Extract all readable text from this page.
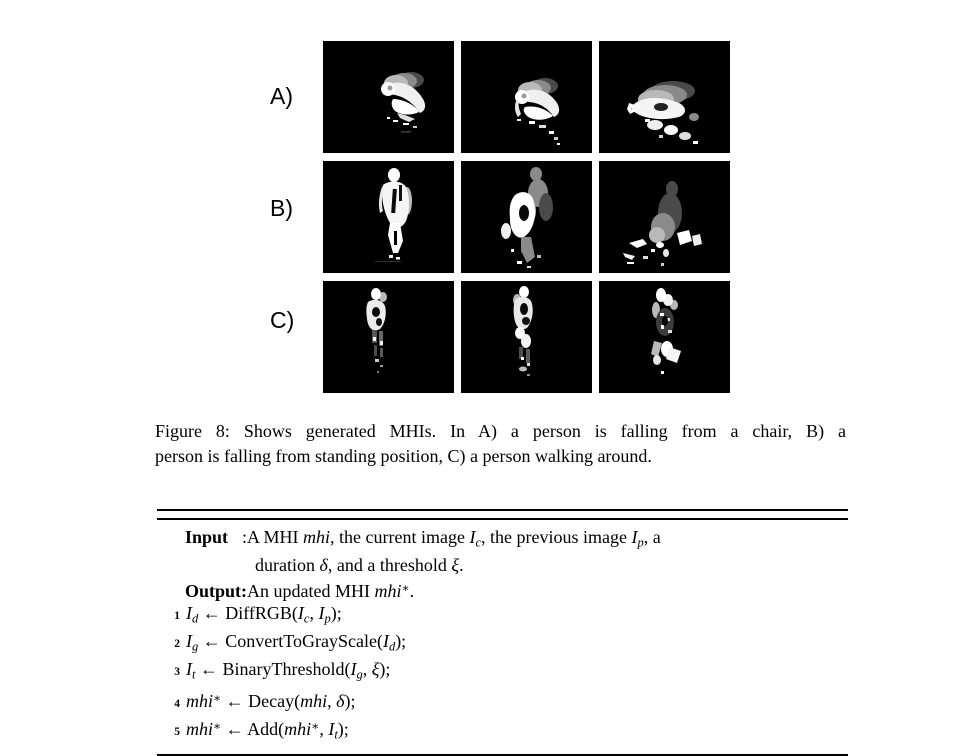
A)
B)
C)
Figure 8: Shows generated MHIs. In A) a person is falling from a chair, B) a
person is falling from standing position, C) a person walking around.
Input : A MHI mhi, the current image Ic, the previous image Ip, a
duration δ, and a threshold ξ.
Output: An updated MHI mhi∗.
1 Id ← DiffRGB(Ic, Ip);
2 Ig ← ConvertToGrayScale(Id);
3 It ← BinaryThreshold(Ig, ξ);
4 mhi∗ ← Decay(mhi, δ);
5 mhi∗ ← Add(mhi∗, It);
